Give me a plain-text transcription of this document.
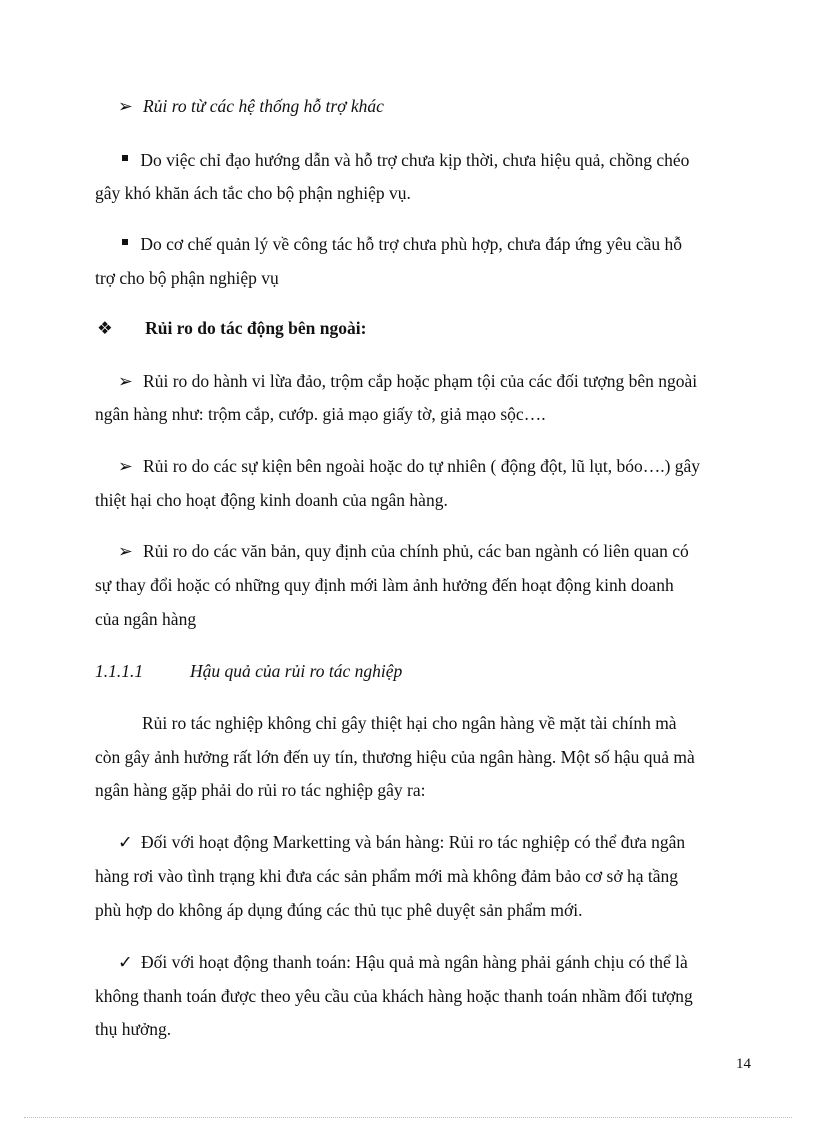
➢ Rủi ro từ các hệ thống hỗ trợ khác
Do việc chỉ đạo hướng dẫn và hỗ trợ chưa kịp thời, chưa hiệu quả, chồng chéo
gây khó khăn ách tắc cho bộ phận nghiệp vụ.
Do cơ chế quản lý về công tác hỗ trợ chưa phù hợp, chưa đáp ứng yêu cầu hỗ
trợ cho bộ phận nghiệp vụ
❖ Rủi ro do tác động bên ngoài:
➢ Rủi ro do hành vi lừa đảo, trộm cắp hoặc phạm tội của các đối tượng bên ngoài
ngân hàng như: trộm cắp, cướp. giả mạo giấy tờ, giả mạo sộc….
➢ Rủi ro do các sự kiện bên ngoài hoặc do tự nhiên ( động đột, lũ lụt, bóo….) gây
thiệt hại cho hoạt động kinh doanh của ngân hàng.
➢ Rủi ro do các văn bản, quy định của chính phủ, các ban ngành có liên quan có
sự thay đổi hoặc có những quy định mới làm ảnh hưởng đến hoạt động kinh doanh
của ngân hàng
1.1.1.1	Hậu quả của rủi ro tác nghiệp
Rủi ro tác nghiệp không chỉ gây thiệt hại cho ngân hàng về mặt tài chính mà
còn gây ảnh hưởng rất lớn đến uy tín, thương hiệu của ngân hàng. Một số hậu quả mà
ngân hàng gặp phải do rủi ro tác nghiệp gây ra:
✓ Đối với hoạt động Marketting và bán hàng: Rủi ro tác nghiệp có thể đưa ngân
hàng rơi vào tình trạng khi đưa các sản phẩm mới mà không đảm bảo cơ sở hạ tầng
phù hợp do không áp dụng đúng các thủ tục phê duyệt sản phẩm mới.
✓ Đối với hoạt động thanh toán: Hậu quả mà ngân hàng phải gánh chịu có thể là
không thanh toán được theo yêu cầu của khách hàng hoặc thanh toán nhầm đối tượng
thụ hưởng.
14
